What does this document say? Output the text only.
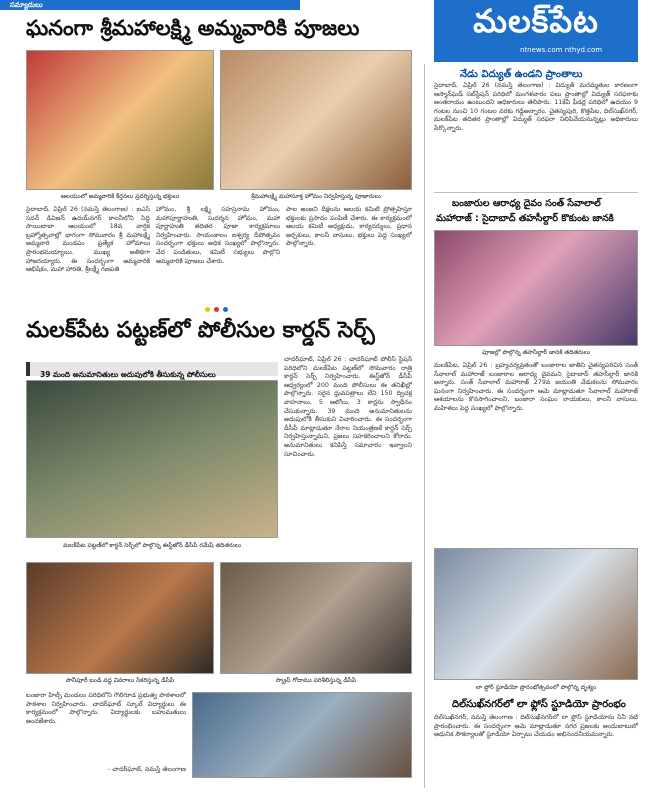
సమ్యాదులు	మలక్‌పేట
ntnews.com nthyd.com
ఘనంగా శ్రీమహాలక్ష్మి అమ్మవారికి పూజలు
ఆలయంలో అమ్మవారికి కీర్తనలు ప్రదర్శిస్తున్న భక్తులు	శ్రీమహాలక్ష్మి మహాసూక్త హోమం నిర్వహిస్తున్న పూజారులు
సైదాబాద్, ఏప్రిల్ 26 (నమస్తే తెలంగాణ) : ఐఎస్ సదన్ డివిజన్ ఉదయ్‌నగర్ కాలనీలోని సిద్ధి సాయిబాబా ఆలయంలో 18వ వార్షిక బ్రహ్మోత్సవాల్లో భాగంగా సోమవారం శ్రీ మహాలక్ష్మి అమ్మవారి మండపం ప్రత్యేక హోమాలు ప్రారంభమయ్యాయి. ముఖ్య అతిథిగా హాజరయ్యారు. ఈ సందర్భంగా అమ్మవారికి ఆభిషేకం, మహా హారతి, శ్రీలక్ష్మీ గణపతి
హోమం, శ్రీ లక్ష్మీ సహస్రనామ హోమం, మహాపూర్ణాహుతి, సుదర్శన హోమం, మహా పూర్ణాహుతి తదితర పూజా కార్యక్రమాలు నిర్వహించారు. సాయంకాలం ఐశ్వర్య దీపోత్సవం సందర్భంగా భక్తులు అధిక సంఖ్యలో పాల్గొన్నారు. వేద పండితులు, కమిటీ సభ్యులు పాల్గొని అమ్మవారికి పూజలు చేశారు.
పాల అంజని దీక్షలను ఆలయ కమిటీ ప్రోత్సహిస్తూ భక్తులకు ప్రసాదం పంపిణీ చేశారు. ఈ కార్యక్రమంలో ఆలయ కమిటీ అధ్యక్షుడు, కార్యదర్శులు, ప్రధాన అర్చకులు, కాలనీ వాసులు, భక్తులు పెద్ద సంఖ్యలో పాల్గొన్నారు.
మలక్‌పేట పట్టణ్‌లో పోలీసుల కార్డన్ సెర్చ్
39 మంది అనుమానితులు అదుపులోకి తీసుకున్న పోలీసులు
మలక్‌పేట పట్టణ్‌లో కార్డన్ సెర్చ్‌లో పాల్గొన్న ఈస్ట్‌జోన్ డీసీపీ రమేష్ తదితరులు
చాదర్‌ఘాట్, ఏప్రిల్ 26 : చాదర్‌ఘాట్ పోలీస్ స్టేషన్ పరిధిలోని మలక్‌పేట పట్టణ్‌లో సోమవారం రాత్రి కార్డన్ సెర్చ్ నిర్వహించారు. ఈస్ట్‌జోన్ డీసీపీ ఆధ్వర్యంలో 200 మంది పోలీసులు ఈ తనిఖీల్లో పాల్గొన్నారు. సరైన ధ్రువపత్రాలు లేని 150 ద్విచక్ర వాహనాలు, 5 ఆటోలు, 3 కార్లను స్వాధీనం చేసుకున్నారు. 39 మంది అనుమానితులను అదుపులోకి తీసుకుని విచారించారు. ఈ సందర్భంగా డీసీపీ మాట్లాడుతూ నేరాల నియంత్రణకే కార్డన్ సెర్చ్ నిర్వహిస్తున్నామని, ప్రజలు సహకరించాలని కోరారు. అనుమానితులు కనిపిస్తే సమాచారం ఇవ్వాలని సూచించారు.
పానీపూరీ బండి వద్ద వివరాలు సేకరిస్తున్న డీసీపీ	స్క్రాప్ గోదాము పరిశీలిస్తున్న డీసీపీ
బంజారా హిల్స్ మండలం పరిధిలోని గౌలిగూడ ప్రభుత్వ పాఠశాలలో పాఠశాల నిర్వహించారు. చాదర్‌ఘాట్ స్కూల్ విద్యార్థులు ఈ కార్యక్రమంలో పాల్గొన్నారు. విద్యార్థులకు బహుమతులు అందజేశారు.
- చాదర్‌ఘాట్, నమస్తే తెలంగాణ
నేడు విద్యుత్ ఉండని ప్రాంతాలు
సైదాబాద్, ఏప్రిల్ 26 (నమస్తే తెలంగాణ) : విద్యుత్ మరమ్మతుల కారణంగా ఆస్మాన్‌ఘడ్ సబ్‌స్టేషన్ పరిధిలో మంగళవారం పలు ప్రాంతాల్లో విద్యుత్ సరఫరాకు అంతరాయం ఉంటుందని అధికారులు తెలిపారు. 11కేవీ ఫీడర్ల పరిధిలో ఉదయం 9 గంటల నుంచి 10 గంటల వరకు గడ్డిఅన్నారం, చైతన్యపురి, కొత్తపేట, దిల్‌సుఖ్‌నగర్, మలక్‌పేట తదితర ప్రాంతాల్లో విద్యుత్ సరఫరా నిలిపివేయనున్నట్లు అధికారులు పేర్కొన్నారు.
బంజారుల ఆరాధ్య దైవం సంత్ సేవాలాల్
మహారాజ్ : సైదాబాద్ తహసీల్దార్ కొకుంట జానకి
పూజల్లో పాల్గొన్న తహసీల్దార్ జానకి తదితరులు
మలక్‌పేట, ఏప్రిల్ 26 : బ్రహ్మచర్యవ్రతంతో బంజారాల జాతిని చైతన్యపరిచిన సంత్ సేవాలాల్ మహారాజ్ బంజారాల ఆరాధ్య దైవమని సైదాబాద్ తహసీల్దార్ జానకి అన్నారు. సంత్ సేవాలాల్ మహారాజ్ 279వ జయంతి వేడుకలను సోమవారం ఘనంగా నిర్వహించారు. ఈ సందర్భంగా ఆమె మాట్లాడుతూ సేవాలాల్ మహారాజ్ ఆశయాలను కొనసాగించాలని, బంజారా సంఘం నాయకులు, కాలనీ వాసులు, మహిళలు పెద్ద సంఖ్యలో పాల్గొన్నారు.
లా ఫ్లోర్ స్టూడియో ప్రారంభోత్సవంలో పాల్గొన్న దృశ్యం
దిల్‌సుఖ్‌నగర్‌లో లా ఫ్లోస్ స్టూడియో ప్రారంభం
దిల్‌సుఖ్‌నగర్, నమస్తే తెలంగాణ : దిల్‌సుఖ్‌నగర్‌లో లా ఫ్లోస్ స్టూడియోను సినీ నటి ప్రారంభించారు. ఈ సందర్భంగా ఆమె మాట్లాడుతూ నగర ప్రజలకు అందుబాటులో ఆధునిక సౌకర్యాలతో స్టూడియో ఏర్పాటు చేయడం అభినందనీయమన్నారు.
